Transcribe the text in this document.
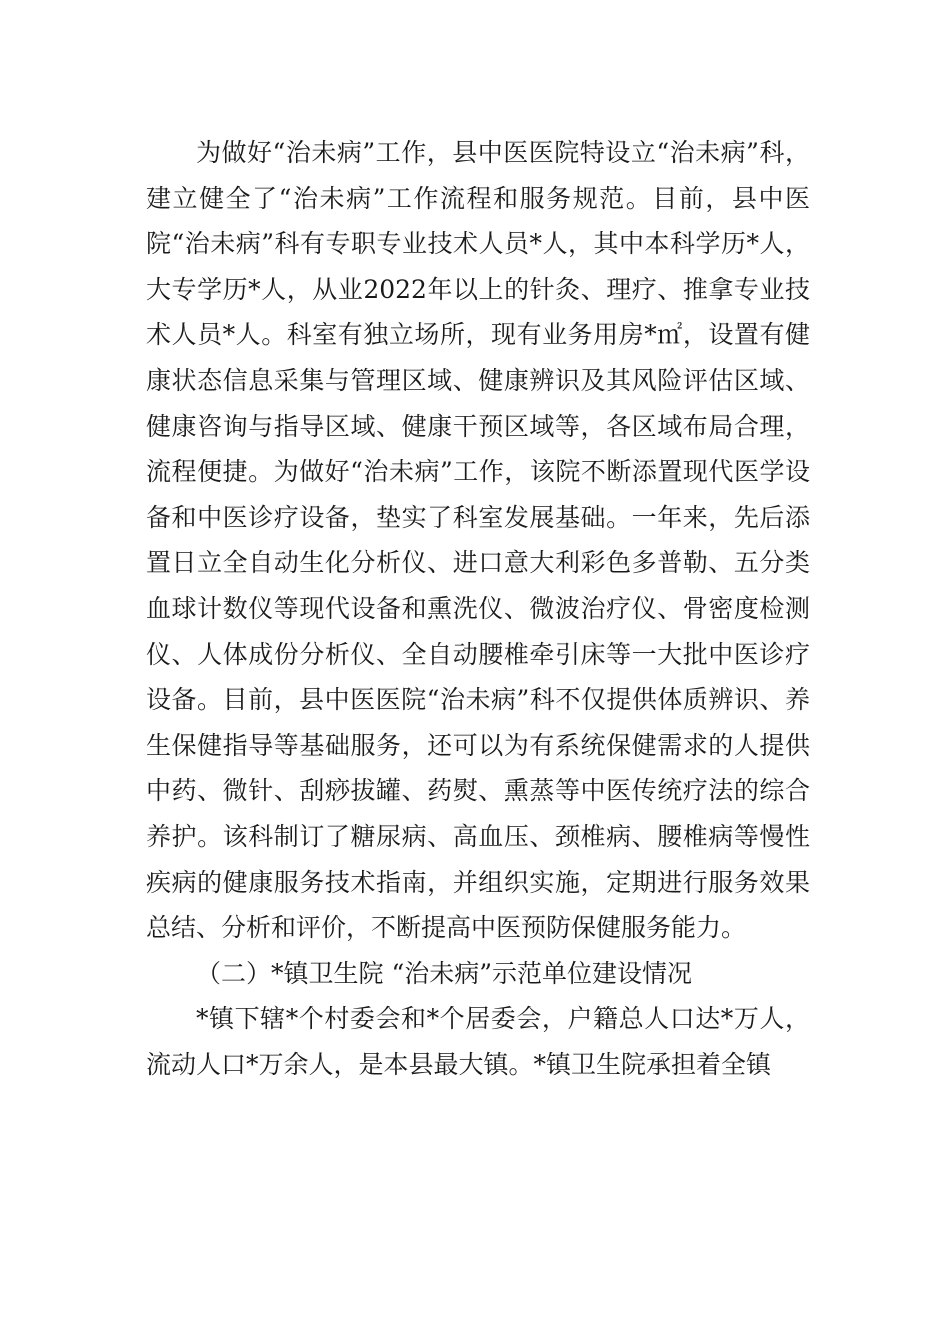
为做好“治未病”工作，县中医医院特设立“治未病”科，建立健全了“治未病”工作流程和服务规范。目前，县中医院“治未病”科有专职专业技术人员*人，其中本科学历*人，大专学历*人，从业2022年以上的针灸、理疗、推拿专业技术人员*人。科室有独立场所，现有业务用房*㎡，设置有健康状态信息采集与管理区域、健康辨识及其风险评估区域、健康咨询与指导区域、健康干预区域等，各区域布局合理，流程便捷。为做好“治未病”工作，该院不断添置现代医学设备和中医诊疗设备，垫实了科室发展基础。一年来，先后添置日立全自动生化分析仪、进口意大利彩色多普勒、五分类血球计数仪等现代设备和熏洗仪、微波治疗仪、骨密度检测仪、人体成份分析仪、全自动腰椎牵引床等一大批中医诊疗设备。目前，县中医医院“治未病”科不仅提供体质辨识、养生保健指导等基础服务，还可以为有系统保健需求的人提供中药、微针、刮痧拔罐、药熨、熏蒸等中医传统疗法的综合养护。该科制订了糖尿病、高血压、颈椎病、腰椎病等慢性疾病的健康服务技术指南，并组织实施，定期进行服务效果总结、分析和评价，不断提高中医预防保健服务能力。

（二）*镇卫生院 “治未病”示范单位建设情况

*镇下辖*个村委会和*个居委会，户籍总人口达*万人，流动人口*万余人，是本县最大镇。*镇卫生院承担着全镇
